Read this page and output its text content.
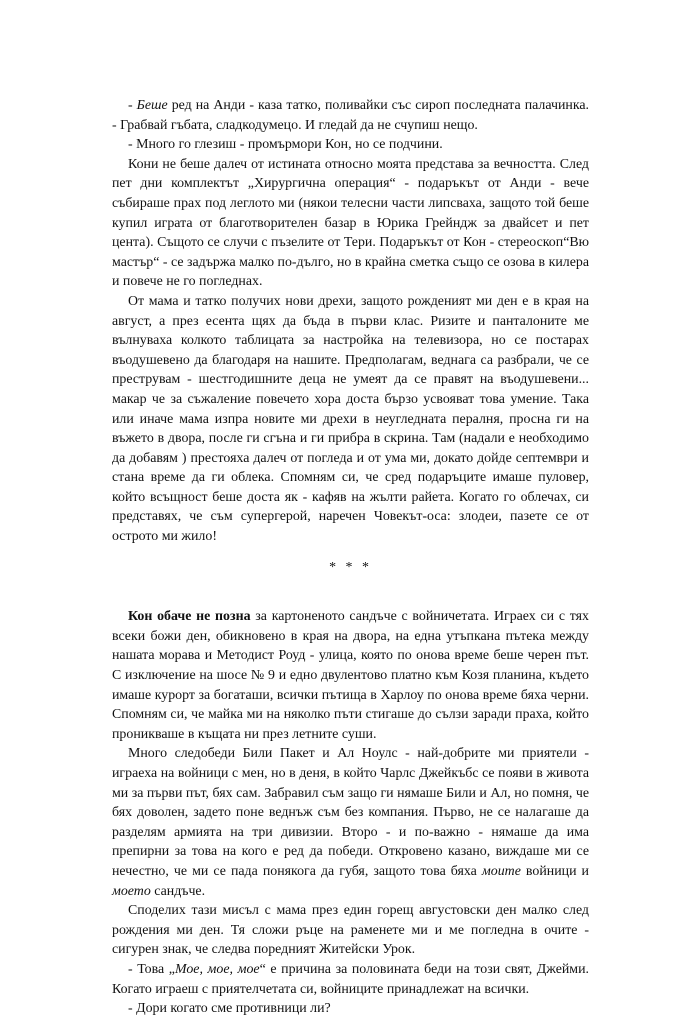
- Беше ред на Анди - каза татко, поливайки със сироп последната палачинка. - Грабвай гъбата, сладкодумецо. И гледай да не счупиш нещо.

- Много го глезиш - промърмори Кон, но се подчини.

Кони не беше далеч от истината относно моята представа за вечността. След пет дни комплектът „Хирургична операция“ - подаръкът от Анди - вече събираше прах под леглото ми (някои телесни части липсваха, защото той беше купил играта от благотворителен базар в Юрика Грейндж за двайсет и пет цента). Същото се случи с пъзелите от Тери. Подаръкът от Кон - стереоскоп“Вю мастър“ - се задържа малко по-дълго, но в крайна сметка също се озова в килера и повече не го погледнах.

От мама и татко получих нови дрехи, защото рожденият ми ден е в края на август, а през есента щях да бъда в първи клас. Ризите и панталоните ме вълнуваха колкото таблицата за настройка на телевизора, но се постарах въодушевено да благодаря на нашите. Предполагам, веднага са разбрали, че се преструвам - шестгодишните деца не умеят да се правят на въодушевени... макар че за съжаление повечето хора доста бързо усвояват това умение. Така или иначе мама изпра новите ми дрехи в неугледната пералня, просна ги на въжето в двора, после ги сгъна и ги прибра в скрина. Там (надали е необходимо да добавям ) престояха далеч от погледа и от ума ми, докато дойде септември и стана време да ги облека. Спомням си, че сред подаръците имаше пуловер, който всъщност беше доста як - кафяв на жълти райета. Когато го облечах, си представях, че съм супергерой, наречен Човекът-оса: злодеи, пазете се от острото ми жило!

* * *

Кон обаче не позна за картоненото сандъче с войничетата. Играех си с тях всеки божи ден, обикновено в края на двора, на една утъпкана пътека между нашата морава и Методист Роуд - улица, която по онова време беше черен път. С изключение на шосе № 9 и едно двулентово платно към Козя планина, където имаше курорт за богаташи, всички пътища в Харлоу по онова време бяха черни. Спомням си, че майка ми на няколко пъти стигаше до сълзи заради праха, който проникваше в къщата ни през летните суши.

Много следобеди Били Пакет и Ал Ноулс - най-добрите ми приятели - играеха на войници с мен, но в деня, в който Чарлс Джейкъбс се появи в живота ми за първи път, бях сам. Забравил съм защо ги нямаше Били и Ал, но помня, че бях доволен, задето поне веднъж съм без компания. Първо, не се налагаше да разделям армията на три дивизии. Второ - и по-важно - нямаше да има препирни за това на кого е ред да победи. Откровено казано, виждаше ми се нечестно, че ми се пада понякога да губя, защото това бяха моите войници и моето сандъче.

Споделих тази мисъл с мама през един горещ августовски ден малко след рождения ми ден. Тя сложи ръце на раменете ми и ме погледна в очите - сигурен знак, че следва поредният Житейски Урок.

- Това „Мое, мое, мое“ е причина за половината беди на този свят, Джейми. Когато играеш с приятелчетата си, войниците принадлежат на всички.

- Дори когато сме противници ли?
